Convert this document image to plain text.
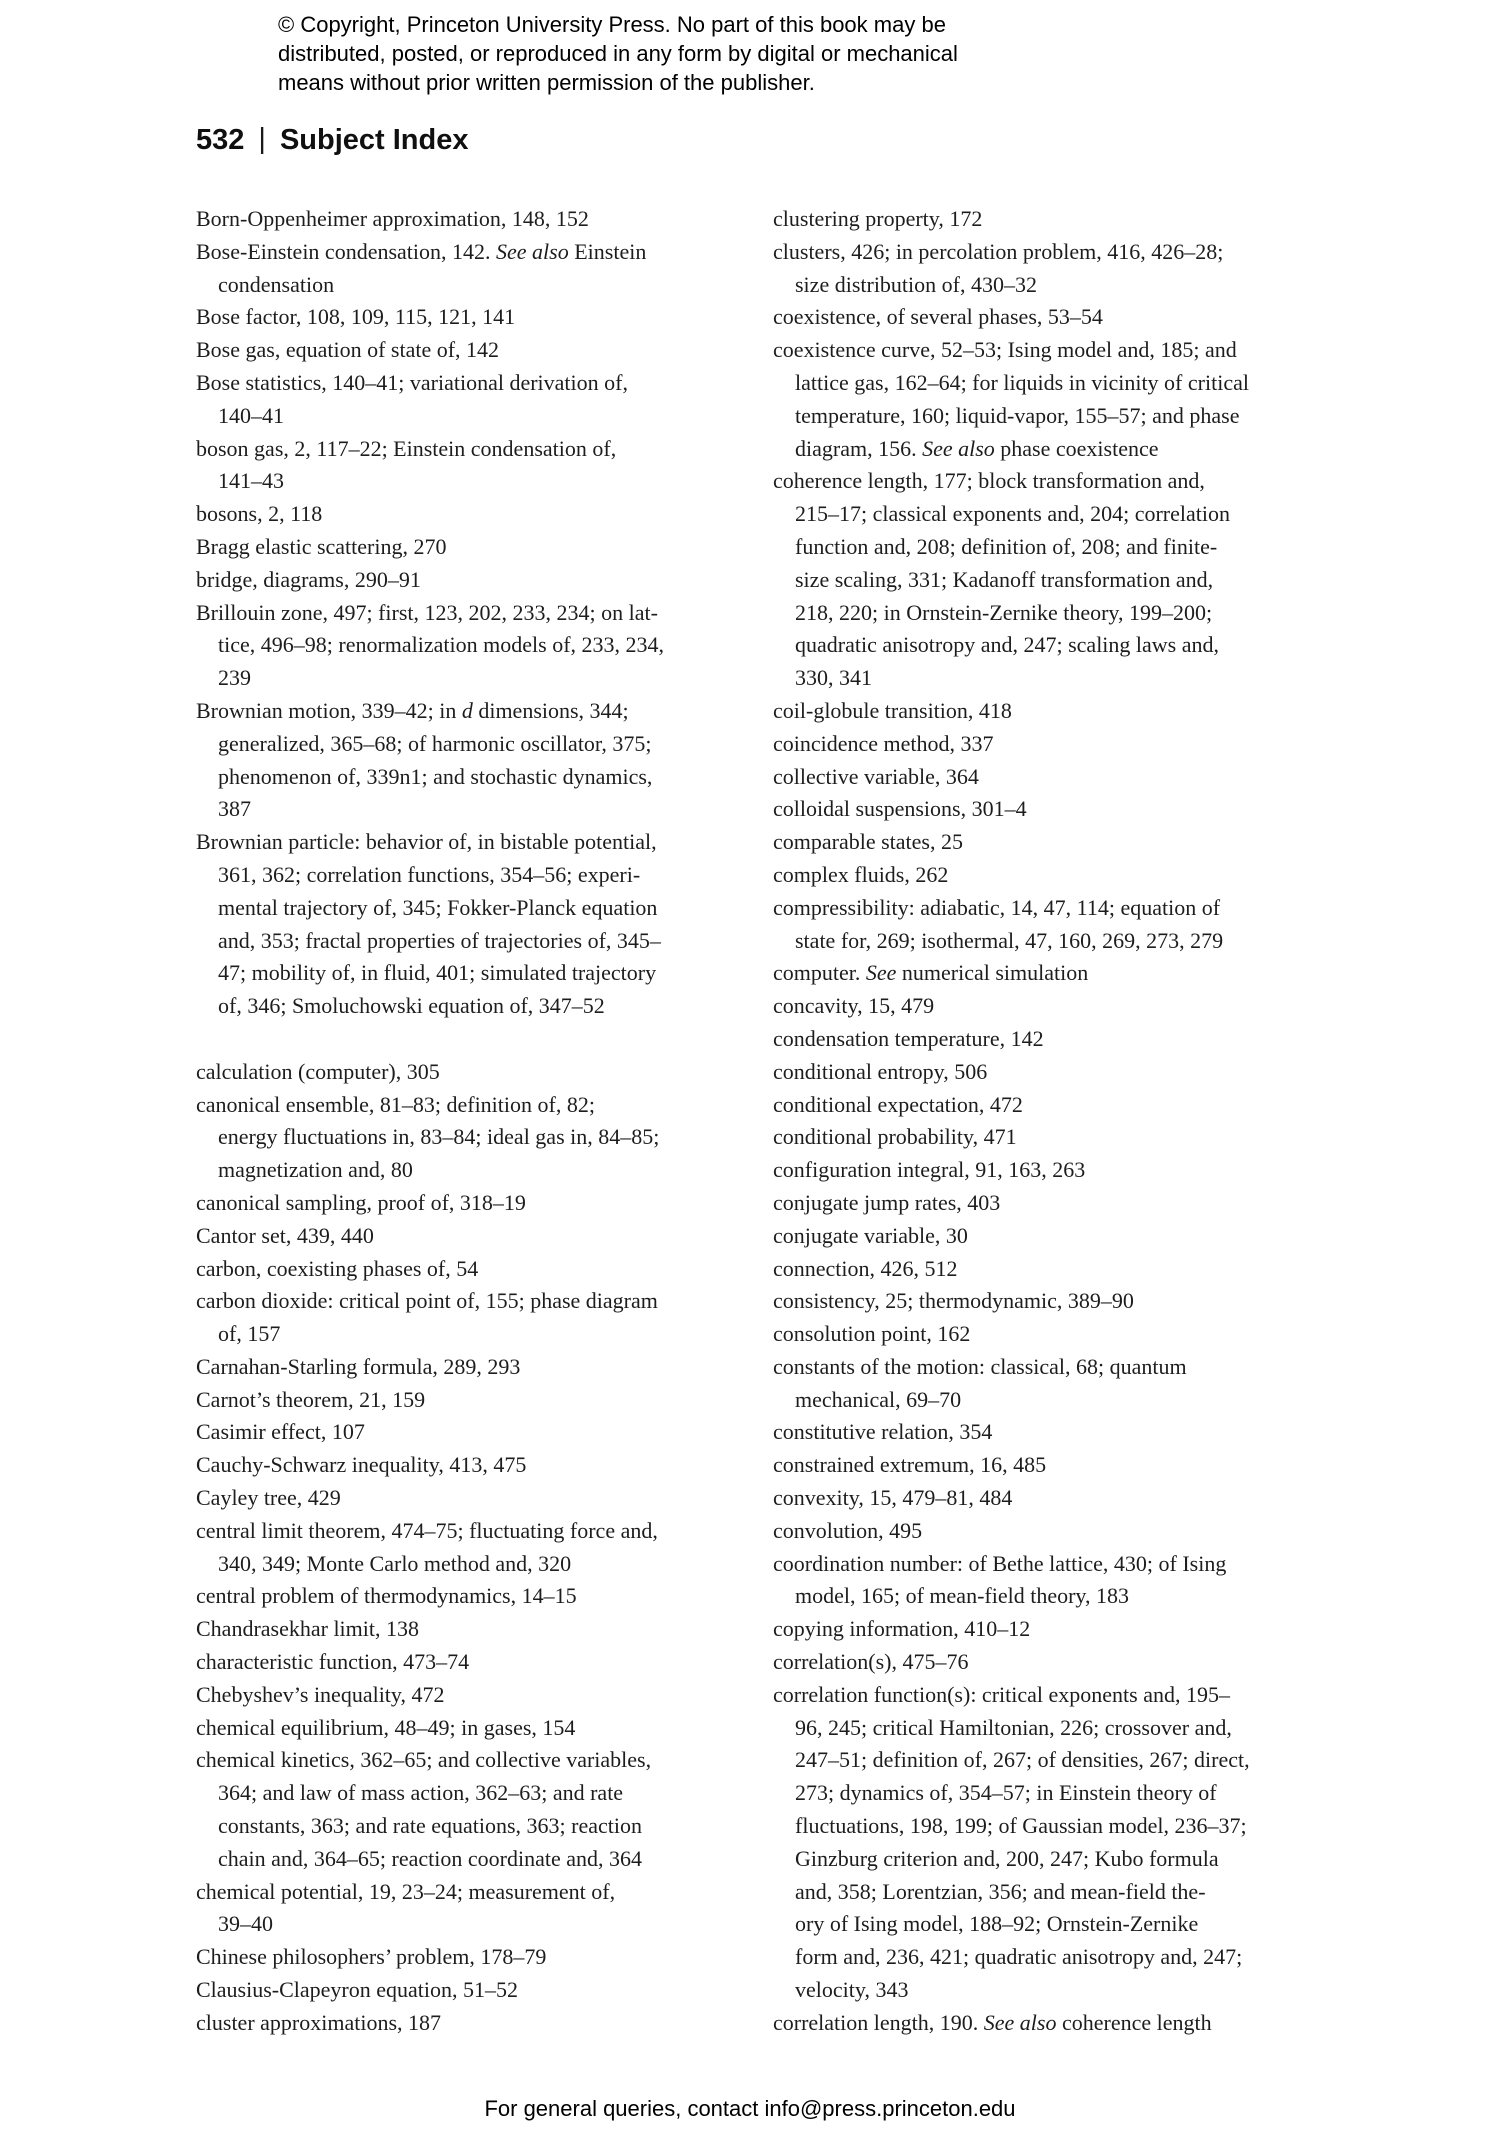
© Copyright, Princeton University Press. No part of this book may be
distributed, posted, or reproduced in any form by digital or mechanical
means without prior written permission of the publisher.
532 | Subject Index
Born-Oppenheimer approximation, 148, 152
Bose-Einstein condensation, 142. See also Einstein
condensation
Bose factor, 108, 109, 115, 121, 141
Bose gas, equation of state of, 142
Bose statistics, 140–41; variational derivation of,
140–41
boson gas, 2, 117–22; Einstein condensation of,
141–43
bosons, 2, 118
Bragg elastic scattering, 270
bridge, diagrams, 290–91
Brillouin zone, 497; first, 123, 202, 233, 234; on lat-
tice, 496–98; renormalization models of, 233, 234,
239
Brownian motion, 339–42; in d dimensions, 344;
generalized, 365–68; of harmonic oscillator, 375;
phenomenon of, 339n1; and stochastic dynamics,
387
Brownian particle: behavior of, in bistable potential,
361, 362; correlation functions, 354–56; experi-
mental trajectory of, 345; Fokker-Planck equation
and, 353; fractal properties of trajectories of, 345–
47; mobility of, in fluid, 401; simulated trajectory
of, 346; Smoluchowski equation of, 347–52

calculation (computer), 305
canonical ensemble, 81–83; definition of, 82;
energy fluctuations in, 83–84; ideal gas in, 84–85;
magnetization and, 80
canonical sampling, proof of, 318–19
Cantor set, 439, 440
carbon, coexisting phases of, 54
carbon dioxide: critical point of, 155; phase diagram
of, 157
Carnahan-Starling formula, 289, 293
Carnot’s theorem, 21, 159
Casimir effect, 107
Cauchy-Schwarz inequality, 413, 475
Cayley tree, 429
central limit theorem, 474–75; fluctuating force and,
340, 349; Monte Carlo method and, 320
central problem of thermodynamics, 14–15
Chandrasekhar limit, 138
characteristic function, 473–74
Chebyshev’s inequality, 472
chemical equilibrium, 48–49; in gases, 154
chemical kinetics, 362–65; and collective variables,
364; and law of mass action, 362–63; and rate
constants, 363; and rate equations, 363; reaction
chain and, 364–65; reaction coordinate and, 364
chemical potential, 19, 23–24; measurement of,
39–40
Chinese philosophers’ problem, 178–79
Clausius-Clapeyron equation, 51–52
cluster approximations, 187
clustering property, 172
clusters, 426; in percolation problem, 416, 426–28;
size distribution of, 430–32
coexistence, of several phases, 53–54
coexistence curve, 52–53; Ising model and, 185; and
lattice gas, 162–64; for liquids in vicinity of critical
temperature, 160; liquid-vapor, 155–57; and phase
diagram, 156. See also phase coexistence
coherence length, 177; block transformation and,
215–17; classical exponents and, 204; correlation
function and, 208; definition of, 208; and finite-
size scaling, 331; Kadanoff transformation and,
218, 220; in Ornstein-Zernike theory, 199–200;
quadratic anisotropy and, 247; scaling laws and,
330, 341
coil-globule transition, 418
coincidence method, 337
collective variable, 364
colloidal suspensions, 301–4
comparable states, 25
complex fluids, 262
compressibility: adiabatic, 14, 47, 114; equation of
state for, 269; isothermal, 47, 160, 269, 273, 279
computer. See numerical simulation
concavity, 15, 479
condensation temperature, 142
conditional entropy, 506
conditional expectation, 472
conditional probability, 471
configuration integral, 91, 163, 263
conjugate jump rates, 403
conjugate variable, 30
connection, 426, 512
consistency, 25; thermodynamic, 389–90
consolution point, 162
constants of the motion: classical, 68; quantum
mechanical, 69–70
constitutive relation, 354
constrained extremum, 16, 485
convexity, 15, 479–81, 484
convolution, 495
coordination number: of Bethe lattice, 430; of Ising
model, 165; of mean-field theory, 183
copying information, 410–12
correlation(s), 475–76
correlation function(s): critical exponents and, 195–
96, 245; critical Hamiltonian, 226; crossover and,
247–51; definition of, 267; of densities, 267; direct,
273; dynamics of, 354–57; in Einstein theory of
fluctuations, 198, 199; of Gaussian model, 236–37;
Ginzburg criterion and, 200, 247; Kubo formula
and, 358; Lorentzian, 356; and mean-field the-
ory of Ising model, 188–92; Ornstein-Zernike
form and, 236, 421; quadratic anisotropy and, 247;
velocity, 343
correlation length, 190. See also coherence length
For general queries, contact info@press.princeton.edu
